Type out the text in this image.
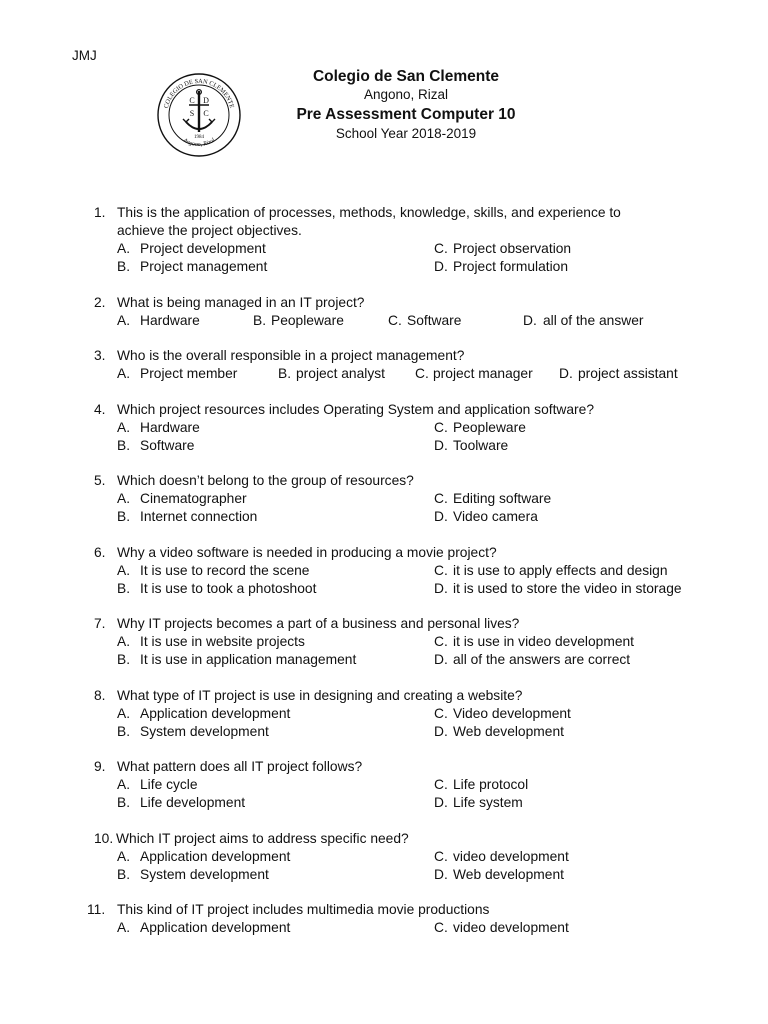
JMJ
COLEGIO DE SAN CLEMENTE
Angono, Rizal
C D
S C
1984
Colegio de San Clemente
Angono, Rizal
Pre Assessment Computer 10
School Year 2018-2019
1. This is the application of processes, methods, knowledge, skills, and experience to
achieve the project objectives.
A. Project development	C. Project observation
B. Project management	D. Project formulation
2. What is being managed in an IT project?
A. Hardware	B. Peopleware	C. Software	D. all of the answer
3. Who is the overall responsible in a project management?
A. Project member	B. project analyst C. project manager D. project assistant
4. Which project resources includes Operating System and application software?
A. Hardware	C. Peopleware
B. Software	D. Toolware
5. Which doesn’t belong to the group of resources?
A. Cinematographer	C. Editing software
B. Internet connection	D. Video camera
6. Why a video software is needed in producing a movie project?
A. It is use to record the scene	C. it is use to apply effects and design
B. It is use to took a photoshoot	D. it is used to store the video in storage
7. Why IT projects becomes a part of a business and personal lives?
A. It is use in website projects	C. it is use in video development
B. It is use in application management	D. all of the answers are correct
8. What type of IT project is use in designing and creating a website?
A. Application development	C. Video development
B. System development	D. Web development
9. What pattern does all IT project follows?
A. Life cycle	C. Life protocol
B. Life development	D. Life system
10. Which IT project aims to address specific need?
A. Application development	C. video development
B. System development	D. Web development
11. This kind of IT project includes multimedia movie productions
A. Application development	C. video development
